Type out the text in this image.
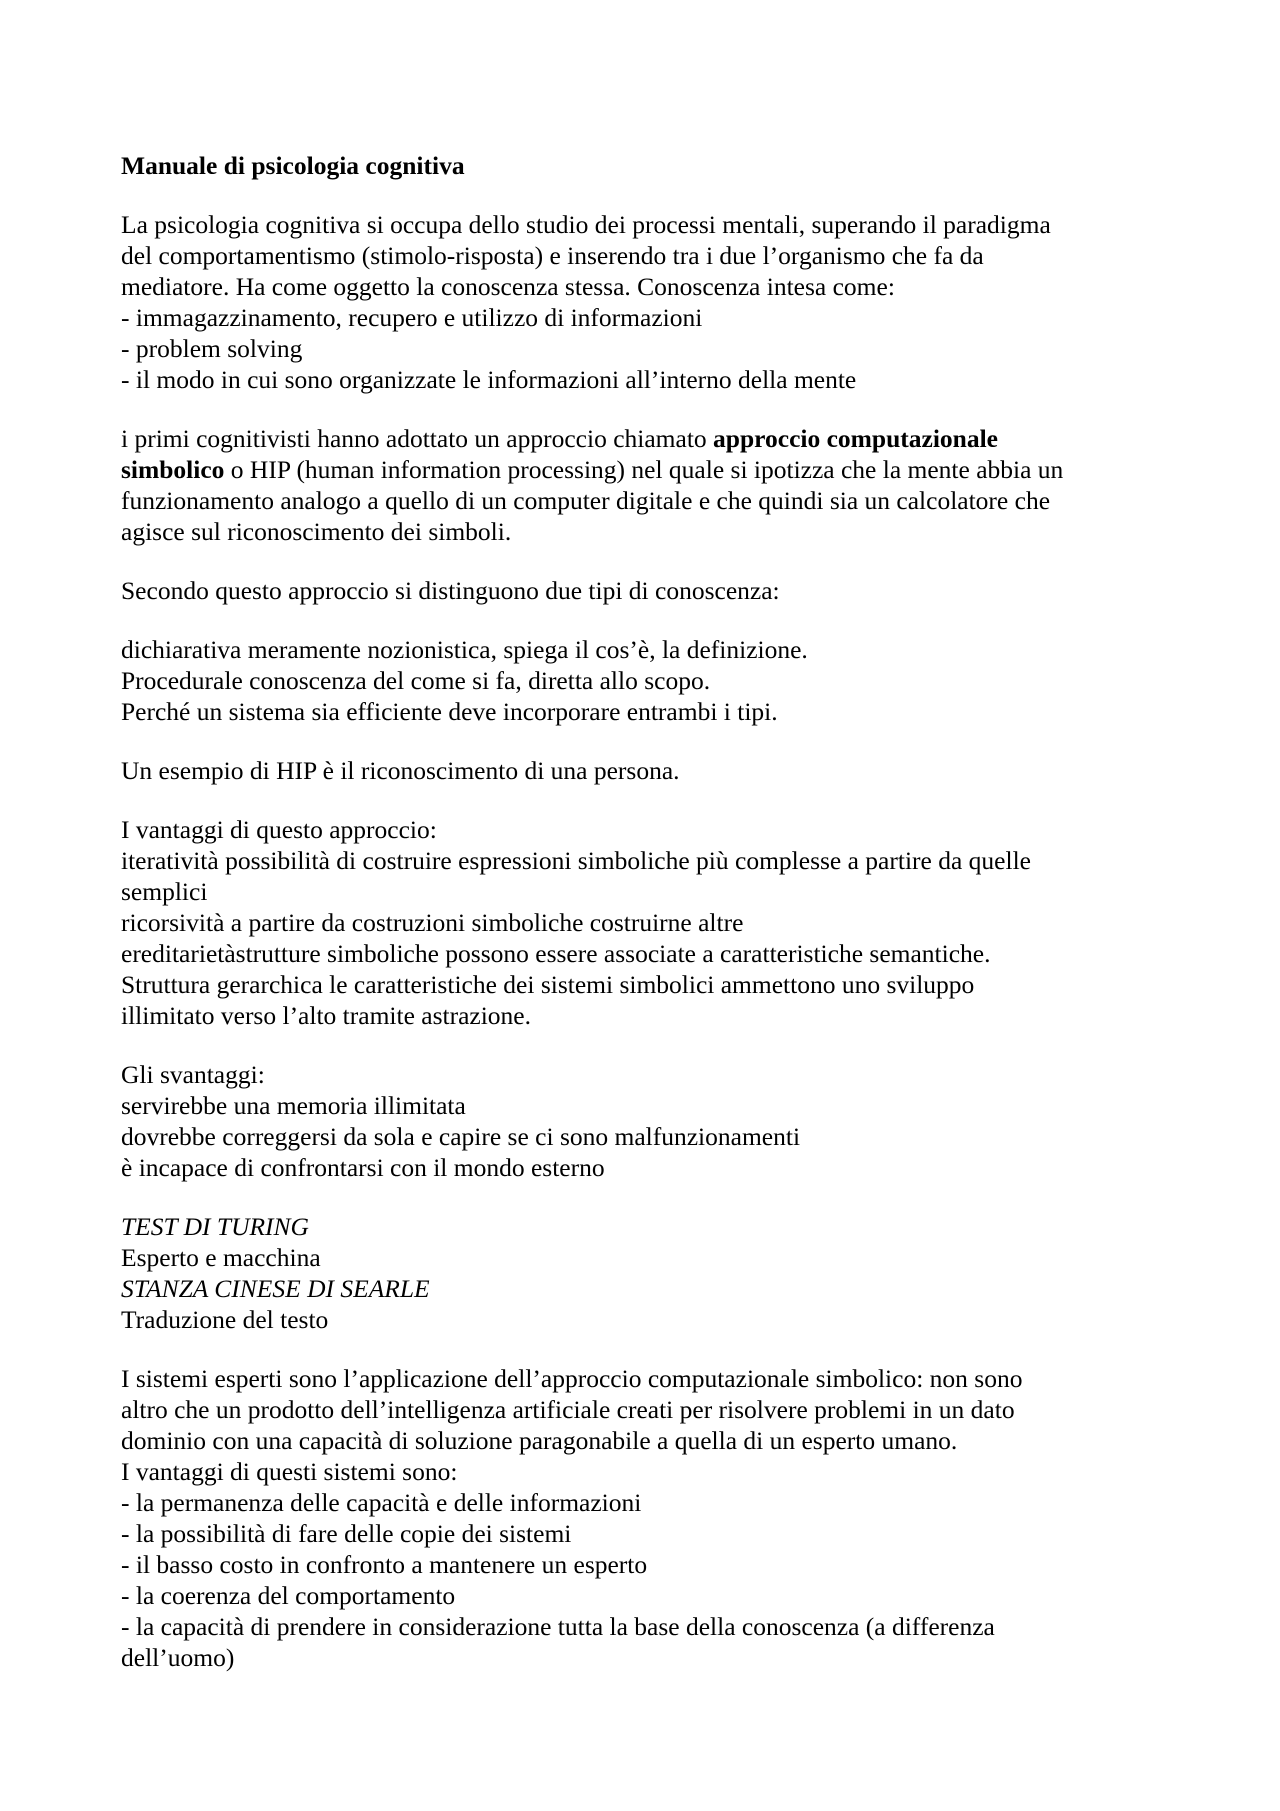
Manuale di psicologia cognitiva
La psicologia cognitiva si occupa dello studio dei processi mentali, superando il paradigma
del comportamentismo (stimolo-risposta) e inserendo tra i due l’organismo che fa da
mediatore. Ha come oggetto la conoscenza stessa. Conoscenza intesa come:
- immagazzinamento, recupero e utilizzo di informazioni
- problem solving
- il modo in cui sono organizzate le informazioni all’interno della mente
i primi cognitivisti hanno adottato un approccio chiamato approccio computazionale
simbolico o HIP (human information processing) nel quale si ipotizza che la mente abbia un
funzionamento analogo a quello di un computer digitale e che quindi sia un calcolatore che
agisce sul riconoscimento dei simboli.
Secondo questo approccio si distinguono due tipi di conoscenza:
dichiarativa meramente nozionistica, spiega il cos’è, la definizione.
Procedurale conoscenza del come si fa, diretta allo scopo.
Perché un sistema sia efficiente deve incorporare entrambi i tipi.
Un esempio di HIP è il riconoscimento di una persona.
I vantaggi di questo approccio:
iteratività possibilità di costruire espressioni simboliche più complesse a partire da quelle
semplici
ricorsività a partire da costruzioni simboliche costruirne altre
ereditarietàstrutture simboliche possono essere associate a caratteristiche semantiche.
Struttura gerarchica le caratteristiche dei sistemi simbolici ammettono uno sviluppo
illimitato verso l’alto tramite astrazione.
Gli svantaggi:
servirebbe una memoria illimitata
dovrebbe correggersi da sola e capire se ci sono malfunzionamenti
è incapace di confrontarsi con il mondo esterno
TEST DI TURING
Esperto e macchina
STANZA CINESE DI SEARLE
Traduzione del testo
I sistemi esperti sono l’applicazione dell’approccio computazionale simbolico: non sono
altro che un prodotto dell’intelligenza artificiale creati per risolvere problemi in un dato
dominio con una capacità di soluzione paragonabile a quella di un esperto umano.
I vantaggi di questi sistemi sono:
- la permanenza delle capacità e delle informazioni
- la possibilità di fare delle copie dei sistemi
- il basso costo in confronto a mantenere un esperto
- la coerenza del comportamento
- la capacità di prendere in considerazione tutta la base della conoscenza (a differenza
dell’uomo)
